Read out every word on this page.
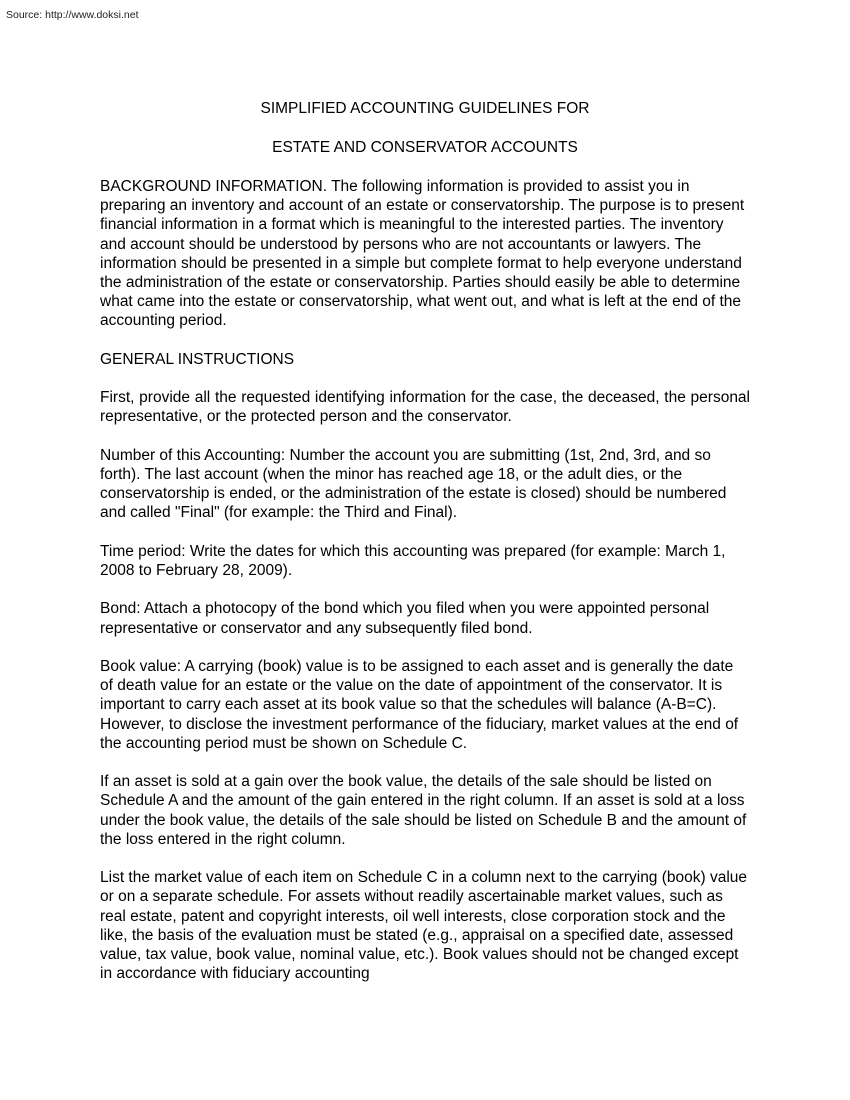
Source: http://www.doksi.net
SIMPLIFIED ACCOUNTING GUIDELINES FOR
ESTATE AND CONSERVATOR ACCOUNTS

BACKGROUND INFORMATION. The following information is provided to assist you in preparing an inventory and account of an estate or conservatorship. The purpose is to present financial information in a format which is meaningful to the interested parties. The inventory and account should be understood by persons who are not accountants or lawyers. The information should be presented in a simple but complete format to help everyone understand the administration of the estate or conservatorship. Parties should easily be able to determine what came into the estate or conservatorship, what went out, and what is left at the end of the accounting period.

GENERAL INSTRUCTIONS

First, provide all the requested identifying information for the case, the deceased, the personal representative, or the protected person and the conservator.

Number of this Accounting: Number the account you are submitting (1st, 2nd, 3rd, and so forth). The last account (when the minor has reached age 18, or the adult dies, or the conservatorship is ended, or the administration of the estate is closed) should be numbered and called "Final" (for example: the Third and Final).

Time period: Write the dates for which this accounting was prepared (for example: March 1, 2008 to February 28, 2009).

Bond: Attach a photocopy of the bond which you filed when you were appointed personal representative or conservator and any subsequently filed bond.

Book value: A carrying (book) value is to be assigned to each asset and is generally the date of death value for an estate or the value on the date of appointment of the conservator. It is important to carry each asset at its book value so that the schedules will balance (A-B=C). However, to disclose the investment performance of the fiduciary, market values at the end of the accounting period must be shown on Schedule C.

If an asset is sold at a gain over the book value, the details of the sale should be listed on Schedule A and the amount of the gain entered in the right column. If an asset is sold at a loss under the book value, the details of the sale should be listed on Schedule B and the amount of the loss entered in the right column.

List the market value of each item on Schedule C in a column next to the carrying (book) value or on a separate schedule. For assets without readily ascertainable market values, such as real estate, patent and copyright interests, oil well interests, close corporation stock and the like, the basis of the evaluation must be stated (e.g., appraisal on a specified date, assessed value, tax value, book value, nominal value, etc.). Book values should not be changed except in accordance with fiduciary accounting
